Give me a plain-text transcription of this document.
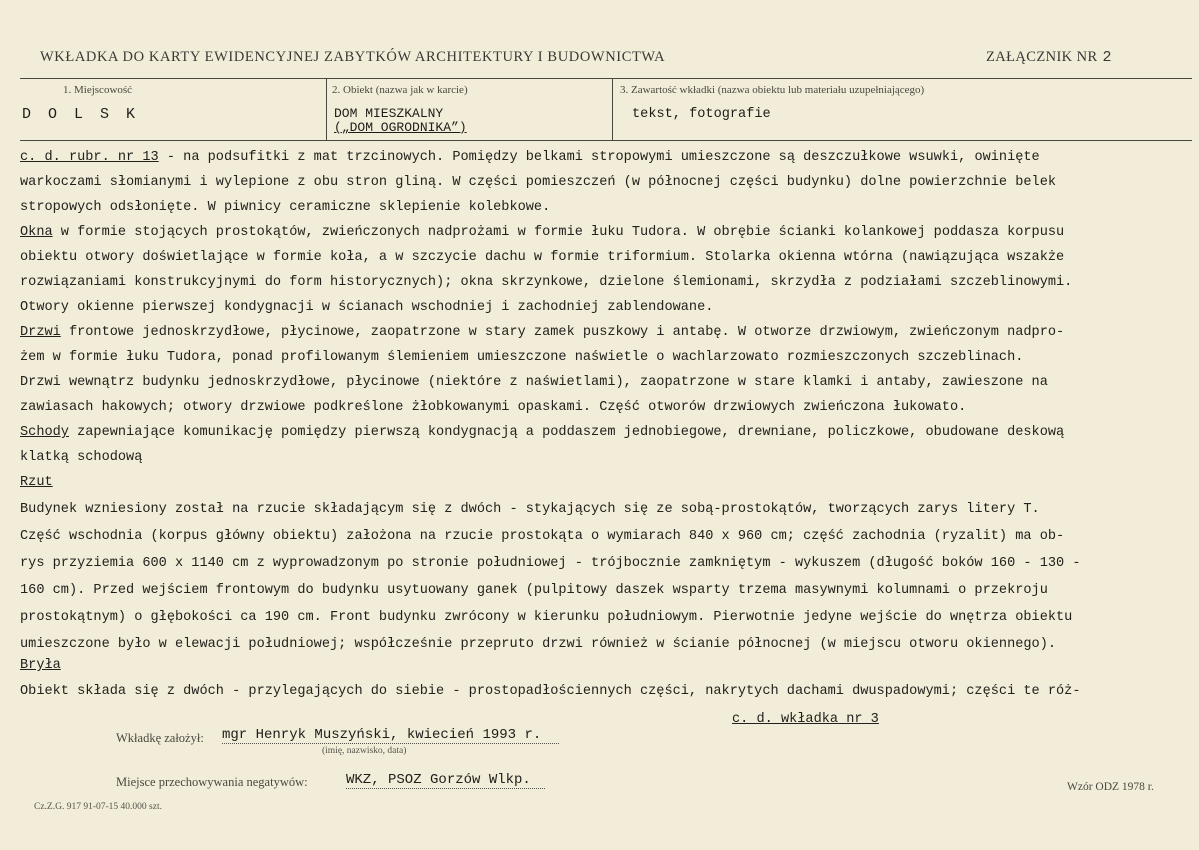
WKŁADKA DO KARTY EWIDENCYJNEJ ZABYTKÓW ARCHITEKTURY I BUDOWNICTWA	ZAŁĄCZNIK NR 2
1. Miejscowość
D O L S K
2. Obiekt (nazwa jak w karcie)
DOM MIESZKALNY
(„DOM OGRODNIKA”)
3. Zawartość wkładki (nazwa obiektu lub materiału uzupełniającego)
tekst, fotografie
c. d. rubr. nr 13 - na podsufitki z mat trzcinowych. Pomiędzy belkami stropowymi umieszczone są deszczułkowe wsuwki, owinięte
warkoczami słomianymi i wylepione z obu stron gliną. W części pomieszczeń (w północnej części budynku) dolne powierzchnie belek
stropowych odsłonięte. W piwnicy ceramiczne sklepienie kolebkowe.
Okna w formie stojących prostokątów, zwieńczonych nadprożami w formie łuku Tudora. W obrębie ścianki kolankowej poddasza korpusu
obiektu otwory doświetlające w formie koła, a w szczycie dachu w formie triformium. Stolarka okienna wtórna (nawiązująca wszakże
rozwiązaniami konstrukcyjnymi do form historycznych); okna skrzynkowe, dzielone ślemionami, skrzydła z podziałami szczeblinowymi.
Otwory okienne pierwszej kondygnacji w ścianach wschodniej i zachodniej zablendowane.
Drzwi frontowe jednoskrzydłowe, płycinowe, zaopatrzone w stary zamek puszkowy i antabę. W otworze drzwiowym, zwieńczonym nadpro-
żem w formie łuku Tudora, ponad profilowanym ślemieniem umieszczone naświetle o wachlarzowato rozmieszczonych szczeblinach.
Drzwi wewnątrz budynku jednoskrzydłowe, płycinowe (niektóre z naświetlami), zaopatrzone w stare klamki i antaby, zawieszone na
zawiasach hakowych; otwory drzwiowe podkreślone żłobkowanymi opaskami. Część otworów drzwiowych zwieńczona łukowato.
Schody zapewniające komunikację pomiędzy pierwszą kondygnacją a poddaszem jednobiegowe, drewniane, policzkowe, obudowane deskową
klatką schodową
Rzut
Budynek wzniesiony został na rzucie składającym się z dwóch - stykających się ze sobą-prostokątów, tworzących zarys litery T.
Część wschodnia (korpus główny obiektu) założona na rzucie prostokąta o wymiarach 840 x 960 cm; część zachodnia (ryzalit) ma ob-
rys przyziemia 600 x 1140 cm z wyprowadzonym po stronie południowej - trójbocznie zamkniętym - wykuszem (długość boków 160 - 130 -
160 cm). Przed wejściem frontowym do budynku usytuowany ganek (pulpitowy daszek wsparty trzema masywnymi kolumnami o przekroju
prostokątnym) o głębokości ca 190 cm. Front budynku zwrócony w kierunku południowym. Pierwotnie jedyne wejście do wnętrza obiektu
umieszczone było w elewacji południowej; współcześnie przepruto drzwi również w ścianie północnej (w miejscu otworu okiennego).
Bryła
Obiekt składa się z dwóch - przylegających do siebie - prostopadłościennych części, nakrytych dachami dwuspadowymi; części te róż-
c. d. wkładka nr 3
Wkładkę założył: mgr Henryk Muszyński, kwiecień 1993 r.
(imię, nazwisko, data)
Miejsce przechowywania negatywów:	WKZ, PSOZ Gorzów Wlkp.
Cz.Z.G. 917 91-07-15 40.000 szt.
Wzór ODZ 1978 r.
